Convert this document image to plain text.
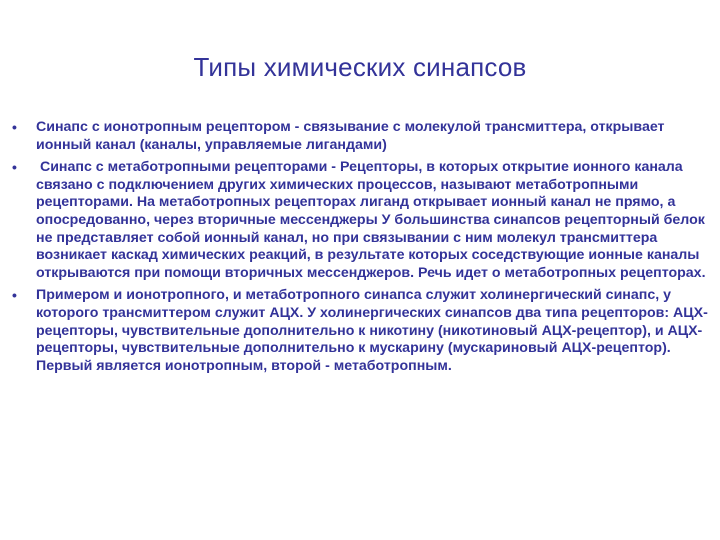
Типы химических синапсов
• Синапс с ионотропным рецептором - связывание с молекулой трансмиттера, открывает ионный канал (каналы, управляемые лигандами)
• Синапс с метаботропными рецепторами - Рецепторы, в которых открытие ионного канала связано с подключением других химических процессов, называют метаботропными рецепторами. На метаботропных рецепторах лиганд открывает ионный канал не прямо, а опосредованно, через вторичные мессенджеры У большинства синапсов рецепторный белок не представляет собой ионный канал, но при связывании с ним молекул трансмиттера возникает каскад химических реакций, в результате которых соседствующие ионные каналы открываются при помощи вторичных мессенджеров. Речь идет о метаботропных рецепторах.
• Примером и ионотропного, и метаботропного синапса служит холинергический синапс, у которого трансмиттером служит АЦХ. У холинергических синапсов два типа рецепторов: АЦХ-рецепторы, чувствительные дополнительно к никотину (никотиновый АЦХ-рецептор), и АЦХ-рецепторы, чувствительные дополнительно к мускарину (мускариновый АЦХ-рецептор). Первый является ионотропным, второй - метаботропным.
